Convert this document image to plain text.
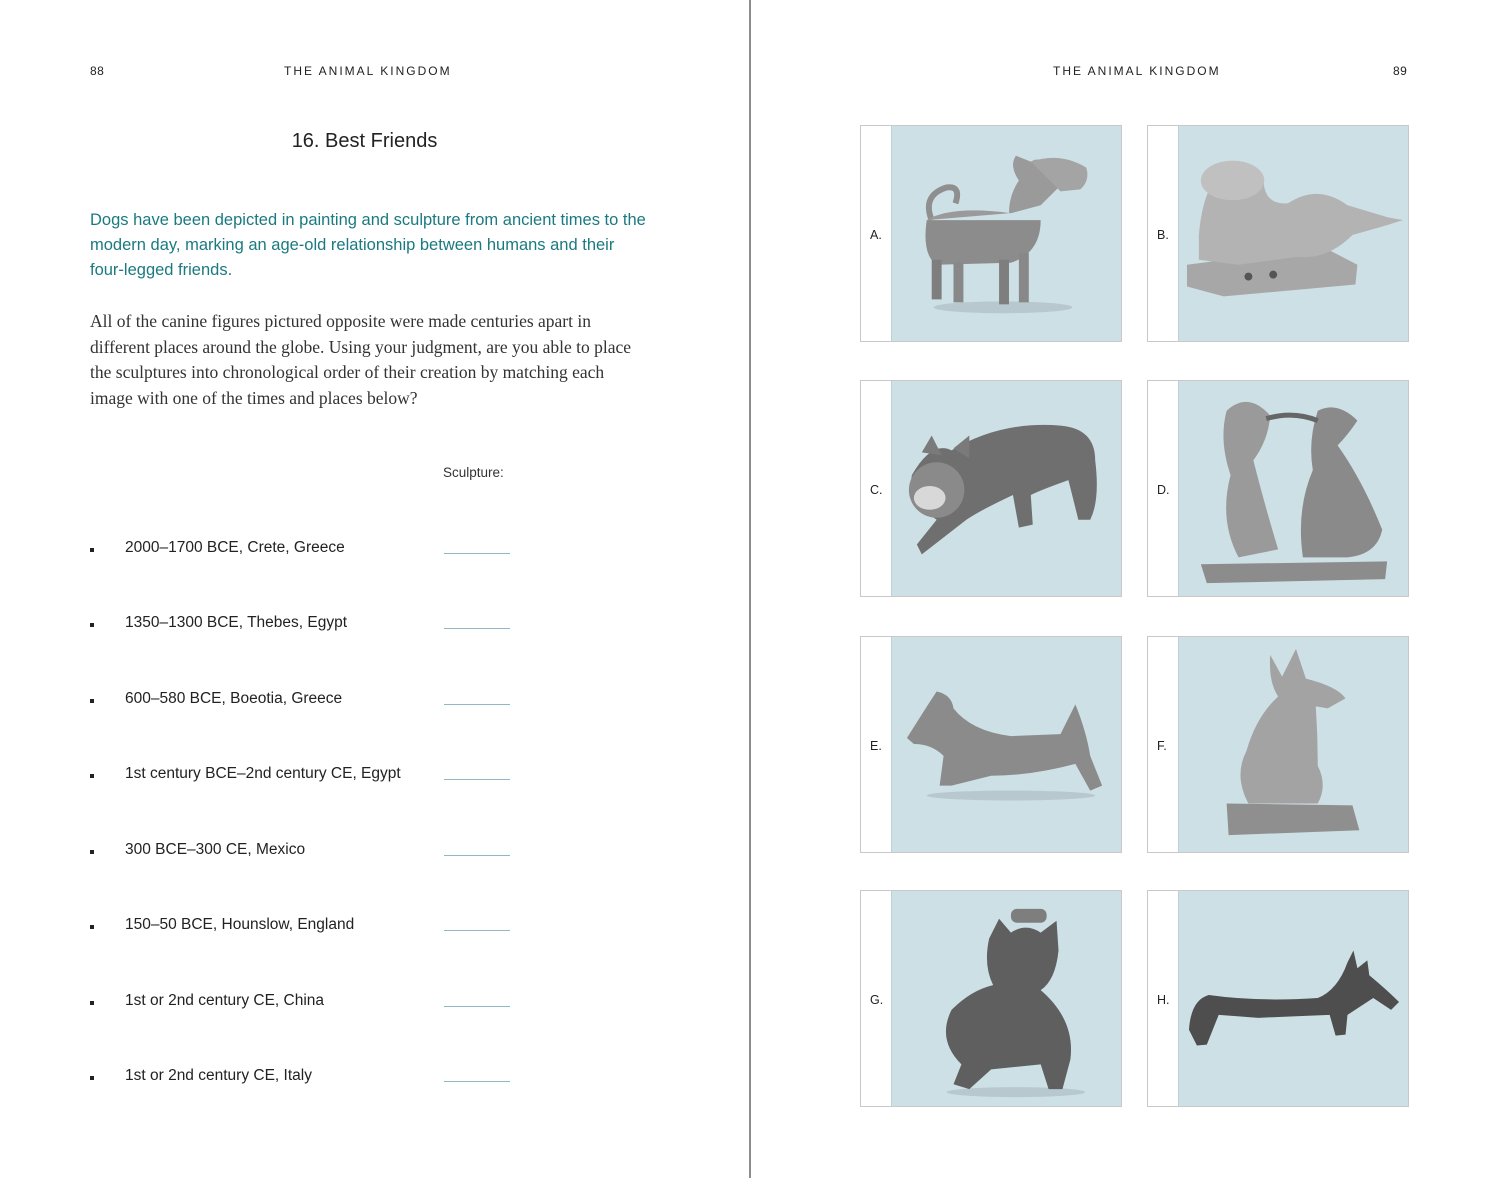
88	THE ANIMAL KINGDOM
16. Best Friends
Dogs have been depicted in painting and sculpture from ancient times to the modern day, marking an age-old relationship between humans and their four-legged friends.
All of the canine figures pictured opposite were made centuries apart in different places around the globe. Using your judgment, are you able to place the sculptures into chronological order of their creation by matching each image with one of the times and places below?
Sculpture:
2000–1700 BCE, Crete, Greece
1350–1300 BCE, Thebes, Egypt
600–580 BCE, Boeotia, Greece
1st century BCE–2nd century CE, Egypt
300 BCE–300 CE, Mexico
150–50 BCE, Hounslow, England
1st or 2nd century CE, China
1st or 2nd century CE, Italy
THE ANIMAL KINGDOM	89
A.	B.
C.	D.
E.	F.
G.	H.
